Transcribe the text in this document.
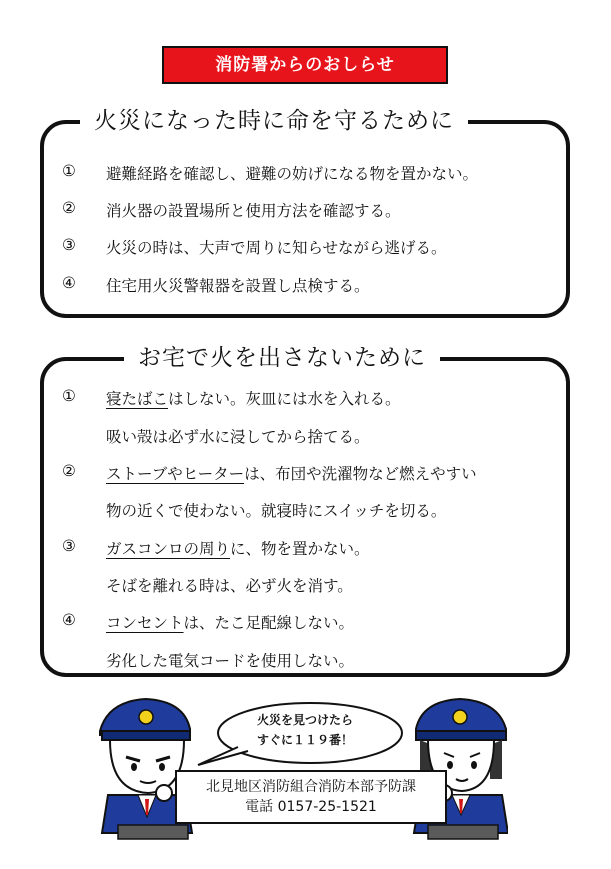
消防署からのおしらせ
火災になった時に命を守るために
①	避難経路を確認し、避難の妨げになる物を置かない。
②	消火器の設置場所と使用方法を確認する。
③	火災の時は、大声で周りに知らせながら逃げる。
④	住宅用火災警報器を設置し点検する。
お宅で火を出さないために
①	寝たばこはしない。灰皿には水を入れる。
吸い殻は必ず水に浸してから捨てる。
②	ストーブやヒーターは、布団や洗濯物など燃えやすい
物の近くで使わない。就寝時にスイッチを切る。
③	ガスコンロの周りに、物を置かない。
そばを離れる時は、必ず火を消す。
④	コンセントは、たこ足配線しない。
劣化した電気コードを使用しない。
火災を見つけたら
すぐに１１９番！
北見地区消防組合消防本部予防課
電話 0157-25-1521
